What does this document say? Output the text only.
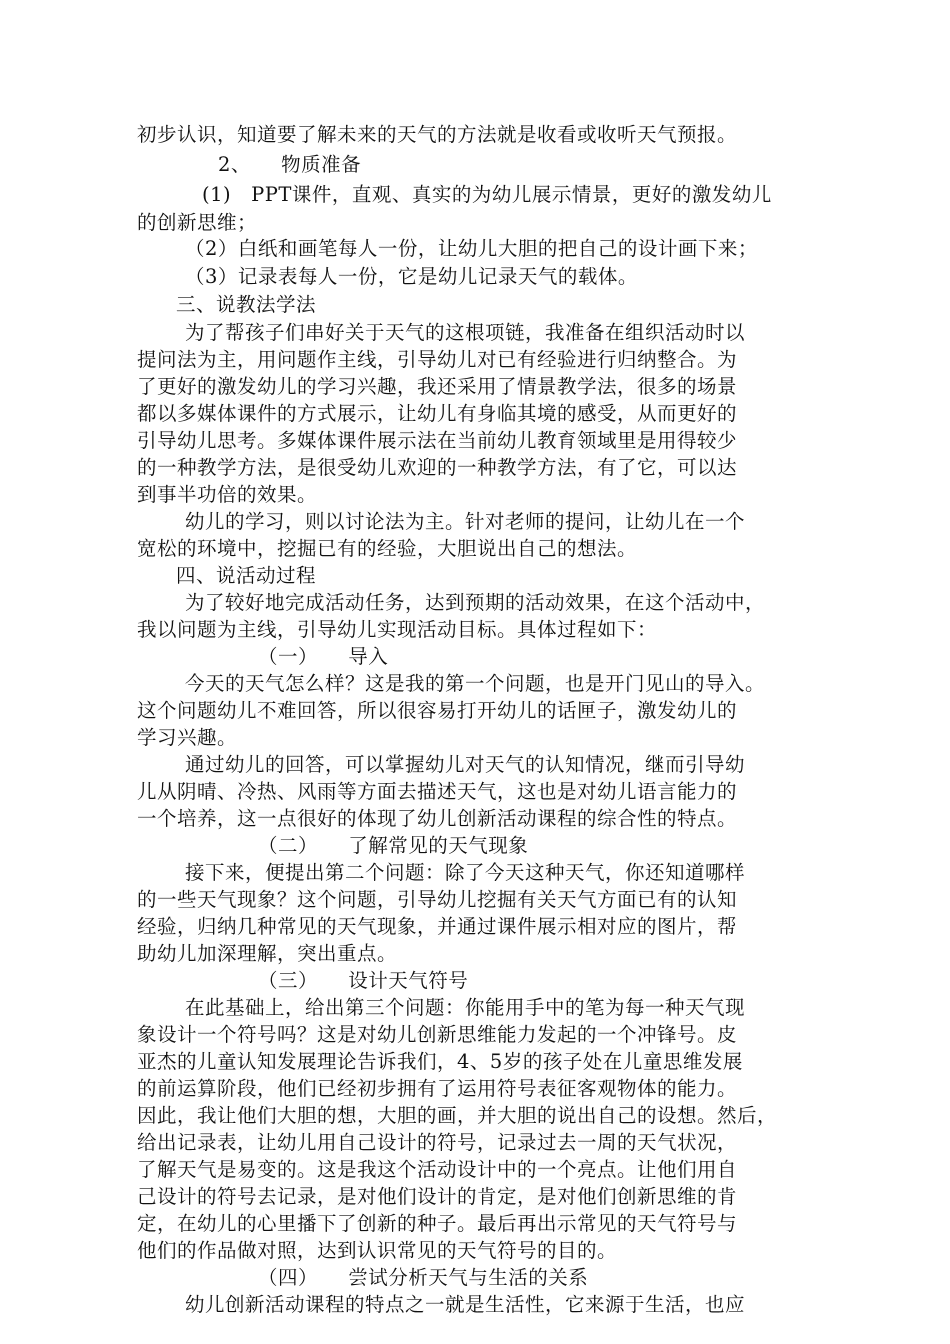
初步认识，知道要了解未来的天气的方法就是收看或收听天气预报。
2、　　物质准备
(1)　PPT课件，直观、真实的为幼儿展示情景，更好的激发幼儿
的创新思维；
（2）白纸和画笔每人一份，让幼儿大胆的把自己的设计画下来；
（3）记录表每人一份，它是幼儿记录天气的载体。
三、说教法学法
为了帮孩子们串好关于天气的这根项链，我准备在组织活动时以
提问法为主，用问题作主线，引导幼儿对已有经验进行归纳整合。为
了更好的激发幼儿的学习兴趣，我还采用了情景教学法，很多的场景
都以多媒体课件的方式展示，让幼儿有身临其境的感受，从而更好的
引导幼儿思考。多媒体课件展示法在当前幼儿教育领域里是用得较少
的一种教学方法，是很受幼儿欢迎的一种教学方法，有了它，可以达
到事半功倍的效果。
幼儿的学习，则以讨论法为主。针对老师的提问，让幼儿在一个
宽松的环境中，挖掘已有的经验，大胆说出自己的想法。
四、说活动过程
为了较好地完成活动任务，达到预期的活动效果，在这个活动中，
我以问题为主线，引导幼儿实现活动目标。具体过程如下：
（一）　　导入
今天的天气怎么样？这是我的第一个问题，也是开门见山的导入。
这个问题幼儿不难回答，所以很容易打开幼儿的话匣子，激发幼儿的
学习兴趣。
通过幼儿的回答，可以掌握幼儿对天气的认知情况，继而引导幼
儿从阴晴、冷热、风雨等方面去描述天气，这也是对幼儿语言能力的
一个培养，这一点很好的体现了幼儿创新活动课程的综合性的特点。
（二）　　了解常见的天气现象
接下来，便提出第二个问题：除了今天这种天气，你还知道哪样
的一些天气现象？这个问题，引导幼儿挖掘有关天气方面已有的认知
经验，归纳几种常见的天气现象，并通过课件展示相对应的图片，帮
助幼儿加深理解，突出重点。
（三）　　设计天气符号
在此基础上，给出第三个问题：你能用手中的笔为每一种天气现
象设计一个符号吗？这是对幼儿创新思维能力发起的一个冲锋号。皮
亚杰的儿童认知发展理论告诉我们，4、5岁的孩子处在儿童思维发展
的前运算阶段，他们已经初步拥有了运用符号表征客观物体的能力。
因此，我让他们大胆的想，大胆的画，并大胆的说出自己的设想。然后，
给出记录表，让幼儿用自己设计的符号，记录过去一周的天气状况，
了解天气是易变的。这是我这个活动设计中的一个亮点。让他们用自
己设计的符号去记录，是对他们设计的肯定，是对他们创新思维的肯
定，在幼儿的心里播下了创新的种子。最后再出示常见的天气符号与
他们的作品做对照，达到认识常见的天气符号的目的。
（四）　　尝试分析天气与生活的关系
幼儿创新活动课程的特点之一就是生活性，它来源于生活，也应
